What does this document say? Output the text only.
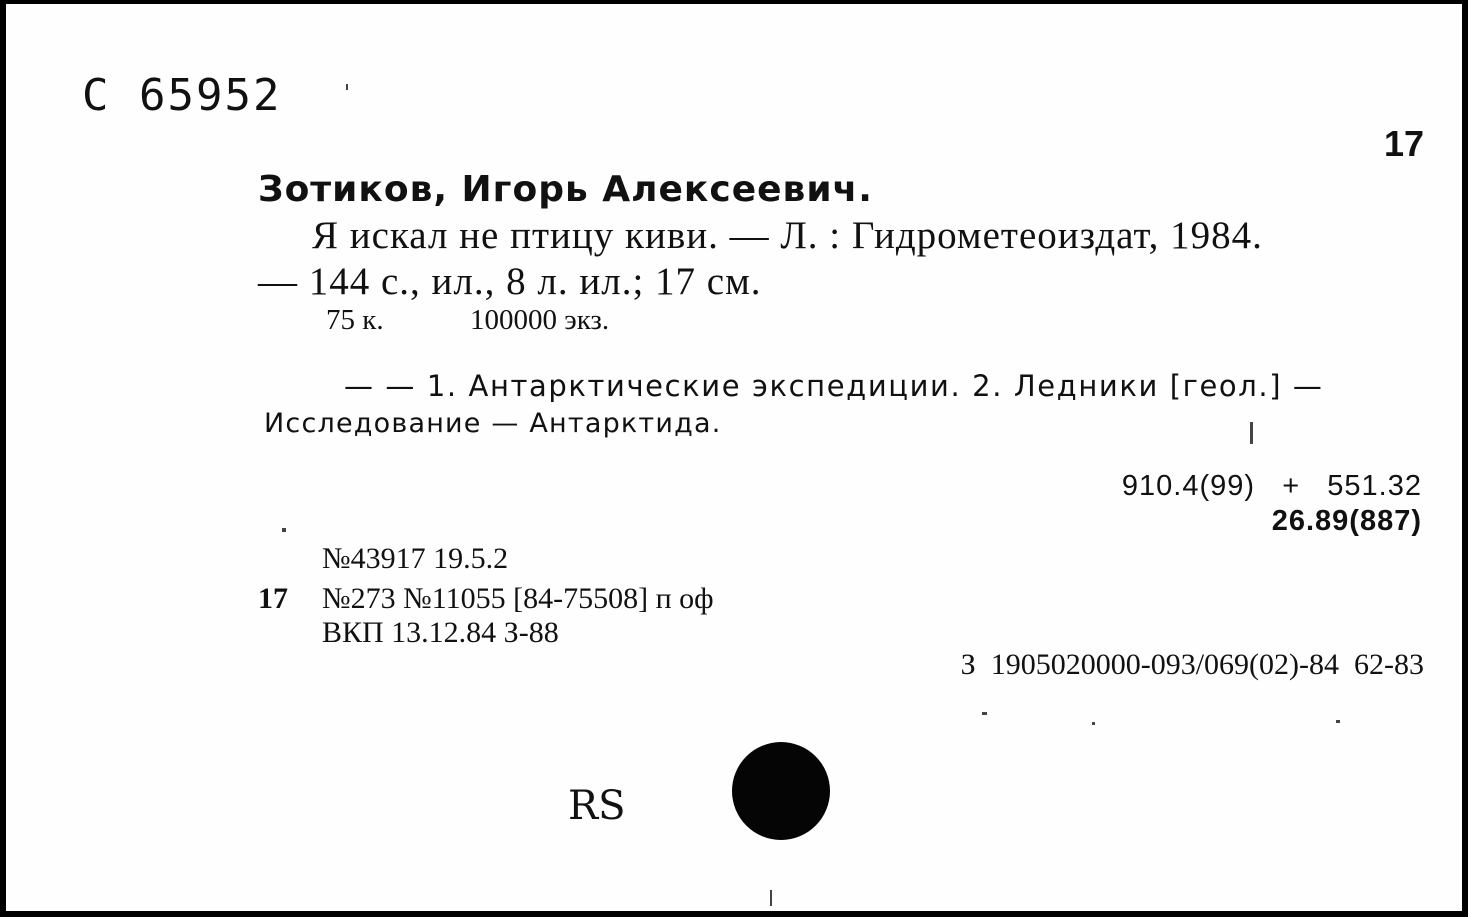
С 65952
17
Зотиков, Игорь Алексеевич.
Я искал не птицу киви. — Л. : Гидрометеоиздат, 1984.
— 144 с., ил., 8 л. ил.; 17 см.
75 к.	100000 экз.
— — 1. Антарктические экспедиции. 2. Ледники [геол.] —
Исследование — Антарктида.
910.4(99)   +   551.32
26.89(887)
№43917 19.5.2
17 №273 №11055 [84-75508] п оф
ВКП 13.12.84 З-88
З  1905020000-093/069(02)-84  62-83
RS
